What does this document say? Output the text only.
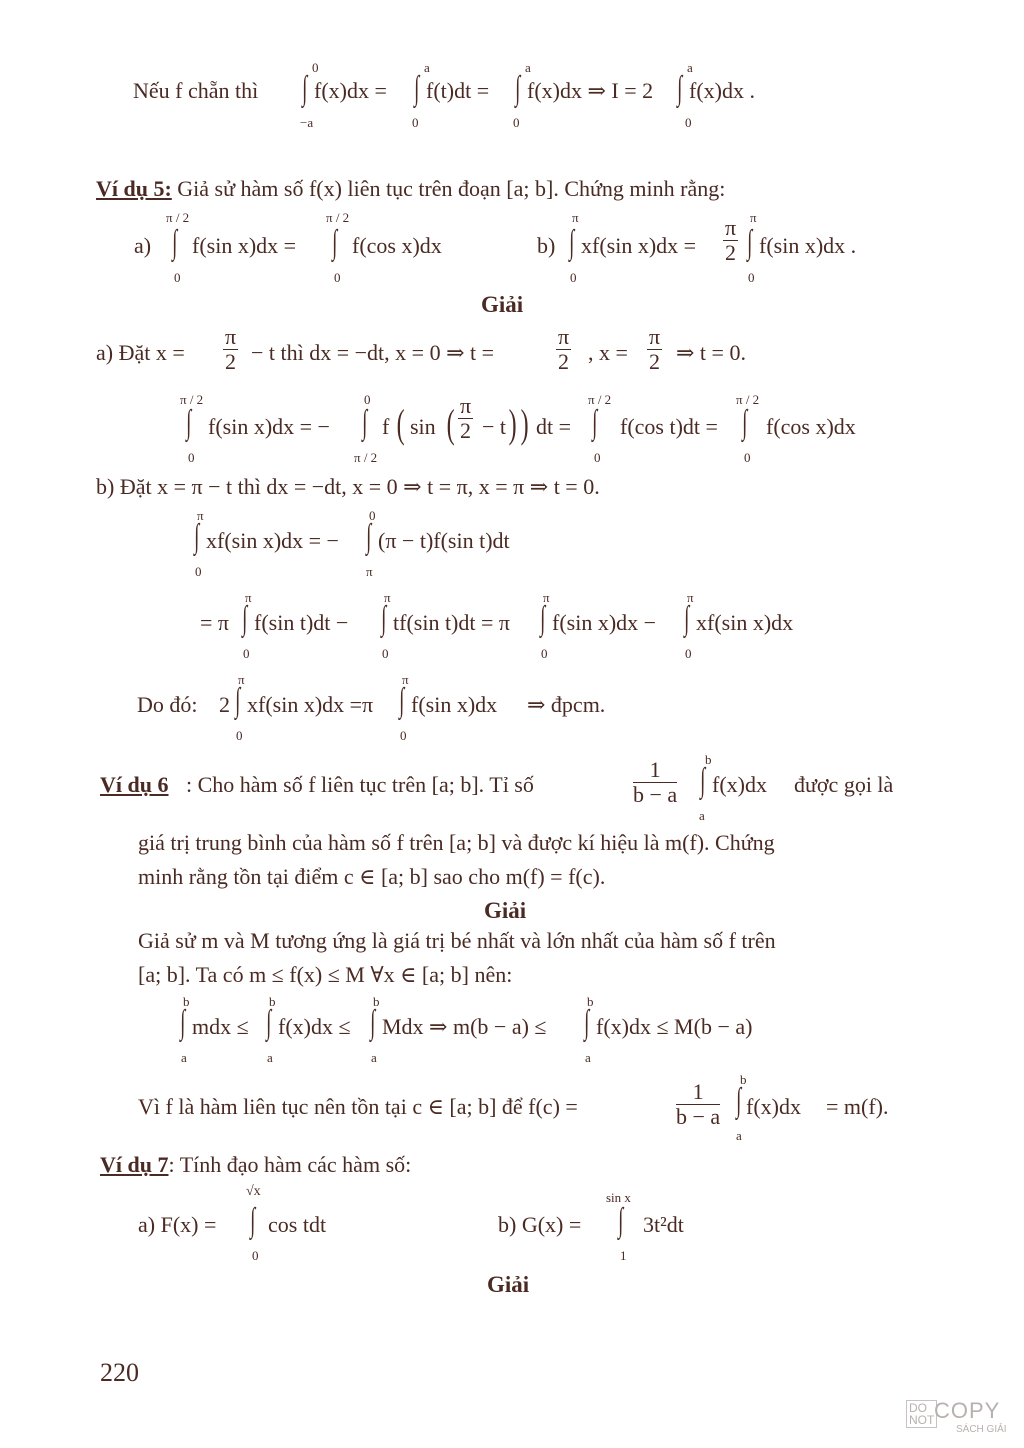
Nếu f chẵn thì
0
∫
−a
f(x)dx =
a
∫
0
f(t)dt =
a
∫
0
f(x)dx ⇒ I = 2
a
∫
0
f(x)dx .
Ví dụ 5: Giả sử hàm số f(x) liên tục trên đoạn [a; b]. Chứng minh rằng:
a)
π / 2
∫
0
f(sin x)dx =
π / 2
∫
0
f(cos x)dx	b)
π
∫
0
xf(sin $x)dx = \frac{\pi}{2}$ π
∫
0
f(sin x)dx .
Giải
a) Đặt $x = \frac{\pi}{2} - t$ thì dx = −dt, x = 0 ⇒ t =	$\frac{\pi}{2}$ , $x = \frac{\pi}{2}$ ⇒ t = 0.
π / 2
∫
0
f(sin x)dx = −
0
∫
π / 2
f ( sin ( $\frac{\pi}{2} - t$ ) ) dt =
π / 2
∫
0
f(cos t)dt =
π / 2
∫
0
f(cos x)dx
b) Đặt x = π − t thì dx = −dt, x = 0 ⇒ t = π, x = π ⇒ t = 0.
π
∫
0
xf(sin x)dx = −
0
∫
π
(π − t)f(sin t)dt
= π
π
∫
0
f(sin t)dt −
π
∫
0
tf(sin t)dt = π
π
∫
0
f(sin x)dx −
π
∫
0
xf(sin x)dx
Do đó: 2
π
∫
0
xf(sin x)dx =π
π
∫
0
f(sin x)dx ⇒ đpcm.
Ví dụ 6 : Cho hàm số f liên tục trên [a; b]. Tỉ số	$\frac{1}{b - a}$ b
∫
a
f(x)dx được gọi là
giá trị trung bình của hàm số f trên [a; b] và được kí hiệu là m(f). Chứng
minh rằng tồn tại điểm c ∈ [a; b] sao cho m(f) = f(c).
Giải
Giả sử m và M tương ứng là giá trị bé nhất và lớn nhất của hàm số f trên
[a; b]. Ta có m ≤ f(x) ≤ M ∀x ∈ [a; b] nên:
b
∫
a
mdx ≤
b
∫
a
f(x)dx ≤
b
∫
a
Mdx ⇒ m(b − a) ≤
b
∫
a
f(x)dx ≤ M(b − a)
Vì f là hàm liên tục nên tồn tại c ∈ [a; b] để f(c) =	$\frac{1}{b - a}$
b
∫
a
f(x)dx = m(f).
Ví dụ 7: Tính đạo hàm các hàm số:
a) F(x) =
√x
∫
0
cos tdt	b) G(x) =
sin x
∫
1
3t²dt
Giải
220
DO
NOT COPY
SÁCH GIẢI
